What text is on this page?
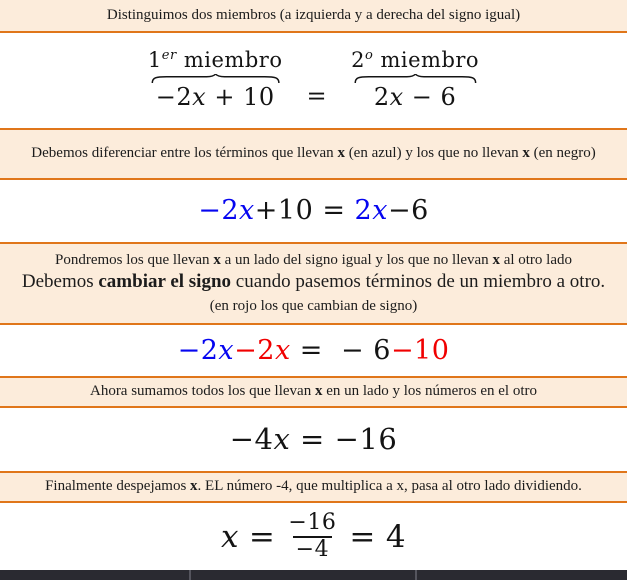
Distinguimos dos miembros (a izquierda y a derecha del signo igual)

1er miembro
−2x + 10	=
$2^o$ miembro
2x − 6

Debemos diferenciar entre los términos que llevan x (en azul) y los que no llevan x (en negro)

−2x+10 = 2x−6

Pondremos los que llevan x a un lado del signo igual y los que no llevan x al otro lado

Debemos cambiar el signo cuando pasemos términos de un miembro a otro. (en rojo los que cambian de signo)

−2x−2x =  − 6−10

Ahora sumamos todos los que llevan x en un lado y los números en el otro

−4x = −16

Finalmente despejamos x. EL número -4, que multiplica a x, pasa al otro lado dividiendo.

$x = \frac{-16}{-4} = 4$
